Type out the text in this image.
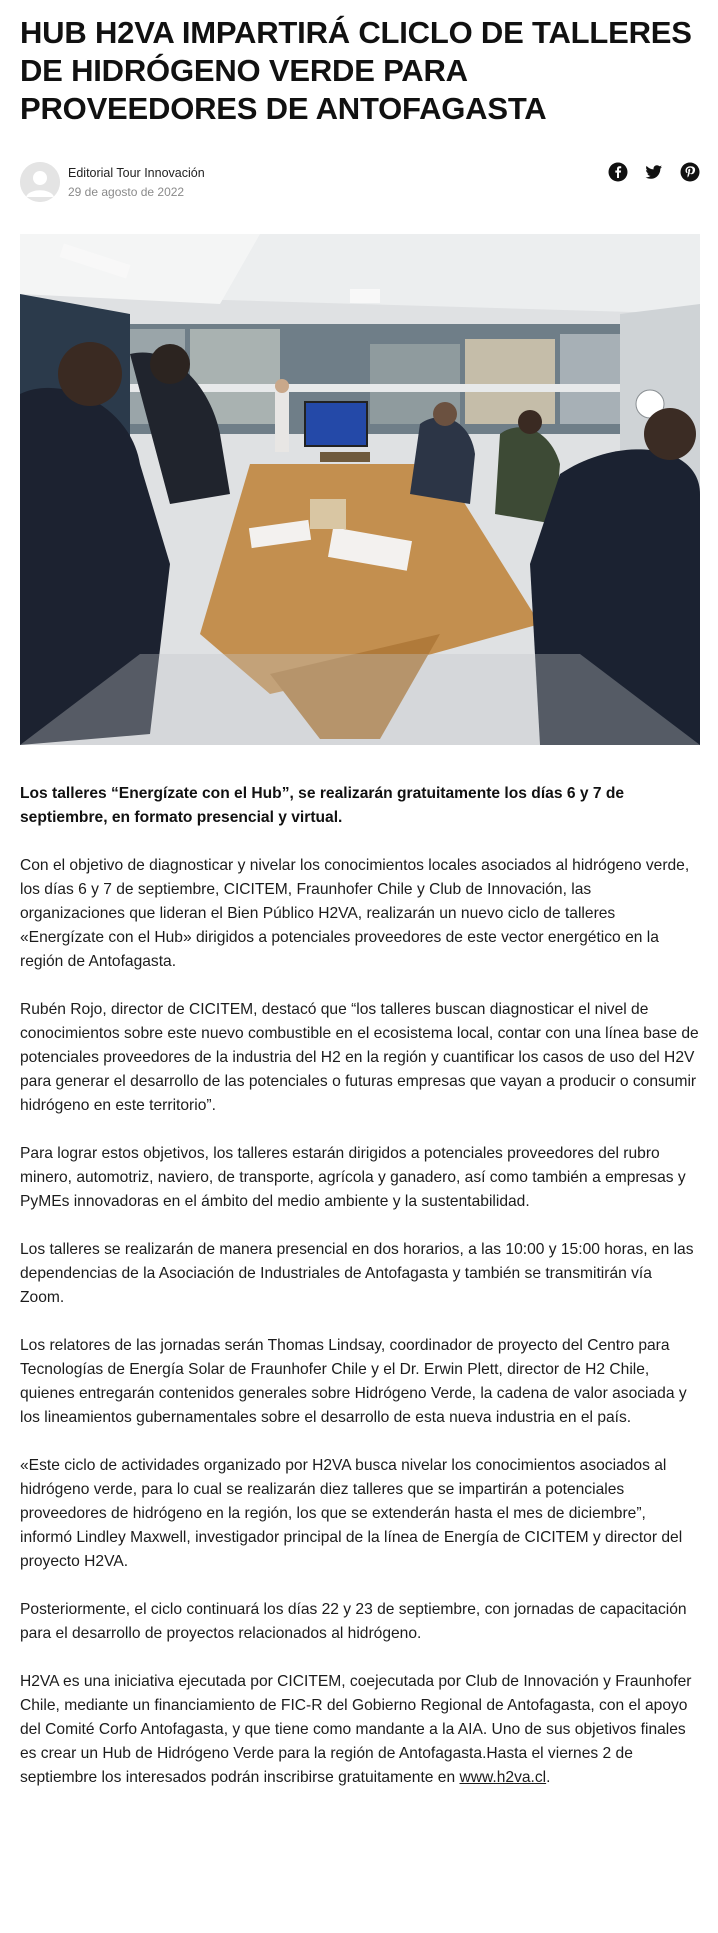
HUB H2VA IMPARTIRÁ CLICLO DE TALLERES DE HIDRÓGENO VERDE PARA PROVEEDORES DE ANTOFAGASTA
Editorial Tour Innovación
29 de agosto de 2022

Los talleres “Energízate con el Hub”, se realizarán gratuitamente los días 6 y 7 de septiembre, en formato presencial y virtual.

Con el objetivo de diagnosticar y nivelar los conocimientos locales asociados al hidrógeno verde, los días 6 y 7 de septiembre, CICITEM, Fraunhofer Chile y Club de Innovación, las organizaciones que lideran el Bien Público H2VA, realizarán un nuevo ciclo de talleres «Energízate con el Hub» dirigidos a potenciales proveedores de este vector energético en la región de Antofagasta.

Rubén Rojo, director de CICITEM, destacó que “los talleres buscan diagnosticar el nivel de conocimientos sobre este nuevo combustible en el ecosistema local, contar con una línea base de potenciales proveedores de la industria del H2 en la región y cuantificar los casos de uso del H2V para generar el desarrollo de las potenciales o futuras empresas que vayan a producir o consumir hidrógeno en este territorio”.

Para lograr estos objetivos, los talleres estarán dirigidos a potenciales proveedores del rubro minero, automotriz, naviero, de transporte, agrícola y ganadero, así como también a empresas y PyMEs innovadoras en el ámbito del medio ambiente y la sustentabilidad.

Los talleres se realizarán de manera presencial en dos horarios, a las 10:00 y 15:00 horas, en las dependencias de la Asociación de Industriales de Antofagasta y también se transmitirán vía Zoom.

Los relatores de las jornadas serán Thomas Lindsay, coordinador de proyecto del Centro para Tecnologías de Energía Solar de Fraunhofer Chile y el Dr. Erwin Plett, director de H2 Chile, quienes entregarán contenidos generales sobre Hidrógeno Verde, la cadena de valor asociada y los lineamientos gubernamentales sobre el desarrollo de esta nueva industria en el país.

«Este ciclo de actividades organizado por H2VA busca nivelar los conocimientos asociados al hidrógeno verde, para lo cual se realizarán diez talleres que se impartirán a potenciales proveedores de hidrógeno en la región, los que se extenderán hasta el mes de diciembre”, informó Lindley Maxwell, investigador principal de la línea de Energía de CICITEM y director del proyecto H2VA.

Posteriormente, el ciclo continuará los días 22 y 23 de septiembre, con jornadas de capacitación para el desarrollo de proyectos relacionados al hidrógeno.

H2VA es una iniciativa ejecutada por CICITEM, coejecutada por Club de Innovación y Fraunhofer Chile, mediante un financiamiento de FIC-R del Gobierno Regional de Antofagasta, con el apoyo del Comité Corfo Antofagasta, y que tiene como mandante a la AIA. Uno de sus objetivos finales es crear un Hub de Hidrógeno Verde para la región de Antofagasta.Hasta el viernes 2 de septiembre los interesados podrán inscribirse gratuitamente en www.h2va.cl.
